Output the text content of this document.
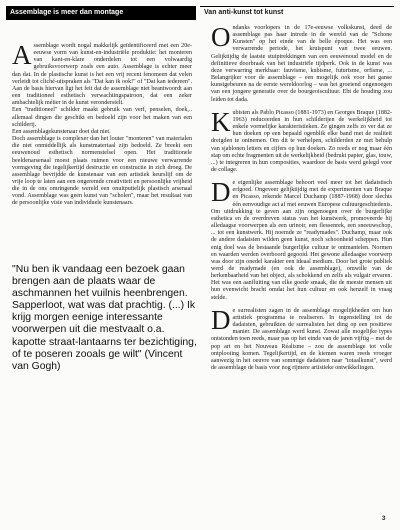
Assemblage is meer dan montage	Van anti-kunst tot kunst

Assemblage wordt nogal makkelijk geïdentificeerd met een 20e-eeuwse vorm van kunst-en-industriële produktie: het monteren van kant-en-klare onderdelen tot een volwaardig gebruiksvoorwerp zoals een auto. Assemblage is echter meer dan dat. In de plastische kunst is het een vrij recent fenomeen dat velen verleidt tot cliché-uitspraken als "Dat kan ik ook!" of "Dat kan iedereen". Aan de basis hiervan ligt het feit dat de assemblage niet beantwoordt aan een traditioneel esthetisch verwachtingspatroon, dat een zeker ambachtelijk métier in de kunst veronderstelt.

Een "traditioneel" schilder maakt gebruik van verf, penselen, doek,.. allemaal dingen die geschikt en bedoeld zijn voor het maken van een schilderij.

Een assemblagekunstenaar doet dat niet.

Doch assemblage is complexer dan het louter "monteren" van materialen die niet onmiddellijk als kunstmateriaal zijn bedoeld. Ze breekt een eeuwenoud esthetisch normenstelsel open. Het traditionele beeldenarsenaal moest plaats ruimen voor een nieuwe verwarrende vormgeving die tegelijkertijd destructie en constructie in zich droeg. De assemblage bevrijdde de kunstenaar van een artistiek keurslijf om de vrije loop te laten aan een ongeremde creativiteit en persoonlijke vrijheid die in de ons omringende wereld een onuitputtelijk plastisch arsenaal vond. Assemblage was geen kunst van "scholen", maar het resultaat van de persoonlijke visie van individuele kunstenaars.

"Nu ben ik vandaag een bezoek gaan brengen aan de plaats waar de aschmannen het vuilnis heenbrengen. Sapperloot, wat was dat prachtig. (...) Ik krijg morgen eenige interessante voorwerpen uit die mestvaalt o.a. kapotte straat-lantaarns ter bezichtiging, of te poseren zooals ge wilt" (Vincent van Gogh)

Ondanks voorlopers in de 17e-eeuwse volkskunst, deed de assemblage pas haar intrede in de wereld van de "Schone Kunsten" op het einde van de belle époque. Het was een verwarrende periode, het kruispunt van twee eeuwen. Gelijktijdig de laatste stuiptrekkingen van een eeuwenoud model en de definitieve doorbraak van het industriële tijdperk. Ook in de kunst was deze verwarring merkbaar: fauvisme, kubisme, futurisme, orfisme, ... Belangrijker voor de assemblage – een mogelijk ook voor het ganse kunstgebeuren na de eerste wereldoorlog – was het groeiend ongenoegen van een jongere generatie over de bourgeoiscultuur. Ebt de houding zou leiden tot dada.

Kubisten als Pablo Picasso (1881-1973) en Georges Braque (1882-1963) reduceerden in hun schilderijen de werkelijkheid tot enkele vormelijke karakteristieken. Ze gingen zelfs zo ver dat ze hun doeken op een bepaald ogenblik elke band met de realiteit dreigden te ontnemen. Om dit te verhelpen, schilderden ze met behulp van sjablonen letters en cijfers op hun doeken. Zo reeds er nog maar één stap om echte fragmenten uit de werkelijkheid (bedrukt papier, glas, touw, ...) te integreren in hun composities, waardoor de basis werd gelegd voor de collage.

De eigenlijke assemblage behoort veel meer tot het dadaistisch erfgoed. Ongeveer gelijktijdig met de experimenten van Braque en Picasso, rekende Marcel Duchamp (1887-1968) door slechts één eenvoudige act af met eeuwen Europese cultuurgeschiedenis. Om uitdrukking te geven aan zijn ongenoegen over de burgerlijke esthetica en de overdreven status van het kunstwerk, promoveerde hij alledaagse voorwerpen als een urinoir, een flessenrek, een sneeuwschop, ... tot een kunstwerk. Hij noemde ze "readymades". Duchamp, maar ook de andere dadaisten wilden geen kunst, noch schoonheid scheppen. Hun enig doel was de bestaande burgerlijke cultuur te ontmantelen. Normen en waarden werden overboord gegooid. Het gewone alledaagse voorwerp was door zijn onedel karakter een ideaal medium. Door het grote publiek werd de readymade (en ook de assemblage), omwille van de herkenbaarheid van het object, als schokkend en zelfs als vulgair ervaren. Het was een aanfluiting van elke goede smaak, die de meeste mensen uit hun evenwicht bracht omdat het hun cultuur en ook henzelf in vraag stelde.

De surrealisten zagen in de assemblage mogelijkheden om hun artistiek programma te realiseren. In tegenstelling tot de dadaisten, gebruikten de surrealisten het ding op een positieve manier. De assemblage werd kunst. Zowat alle mogelijke types ontstonden toen reeds, maar pas op het einde van de jaren vijftig – met de pop art en het Nouveau Réalisme – zou de assemblage tot volle ontplooiing komen. Tegelijkertijd, en de kiemen waren reeds vroeger aanwezig in het oeuvre van sommige dadaïsten naar "totaalkunst", werd de assemblage de basis voor nog rijmere artistieke ontwikkelingen.

3
